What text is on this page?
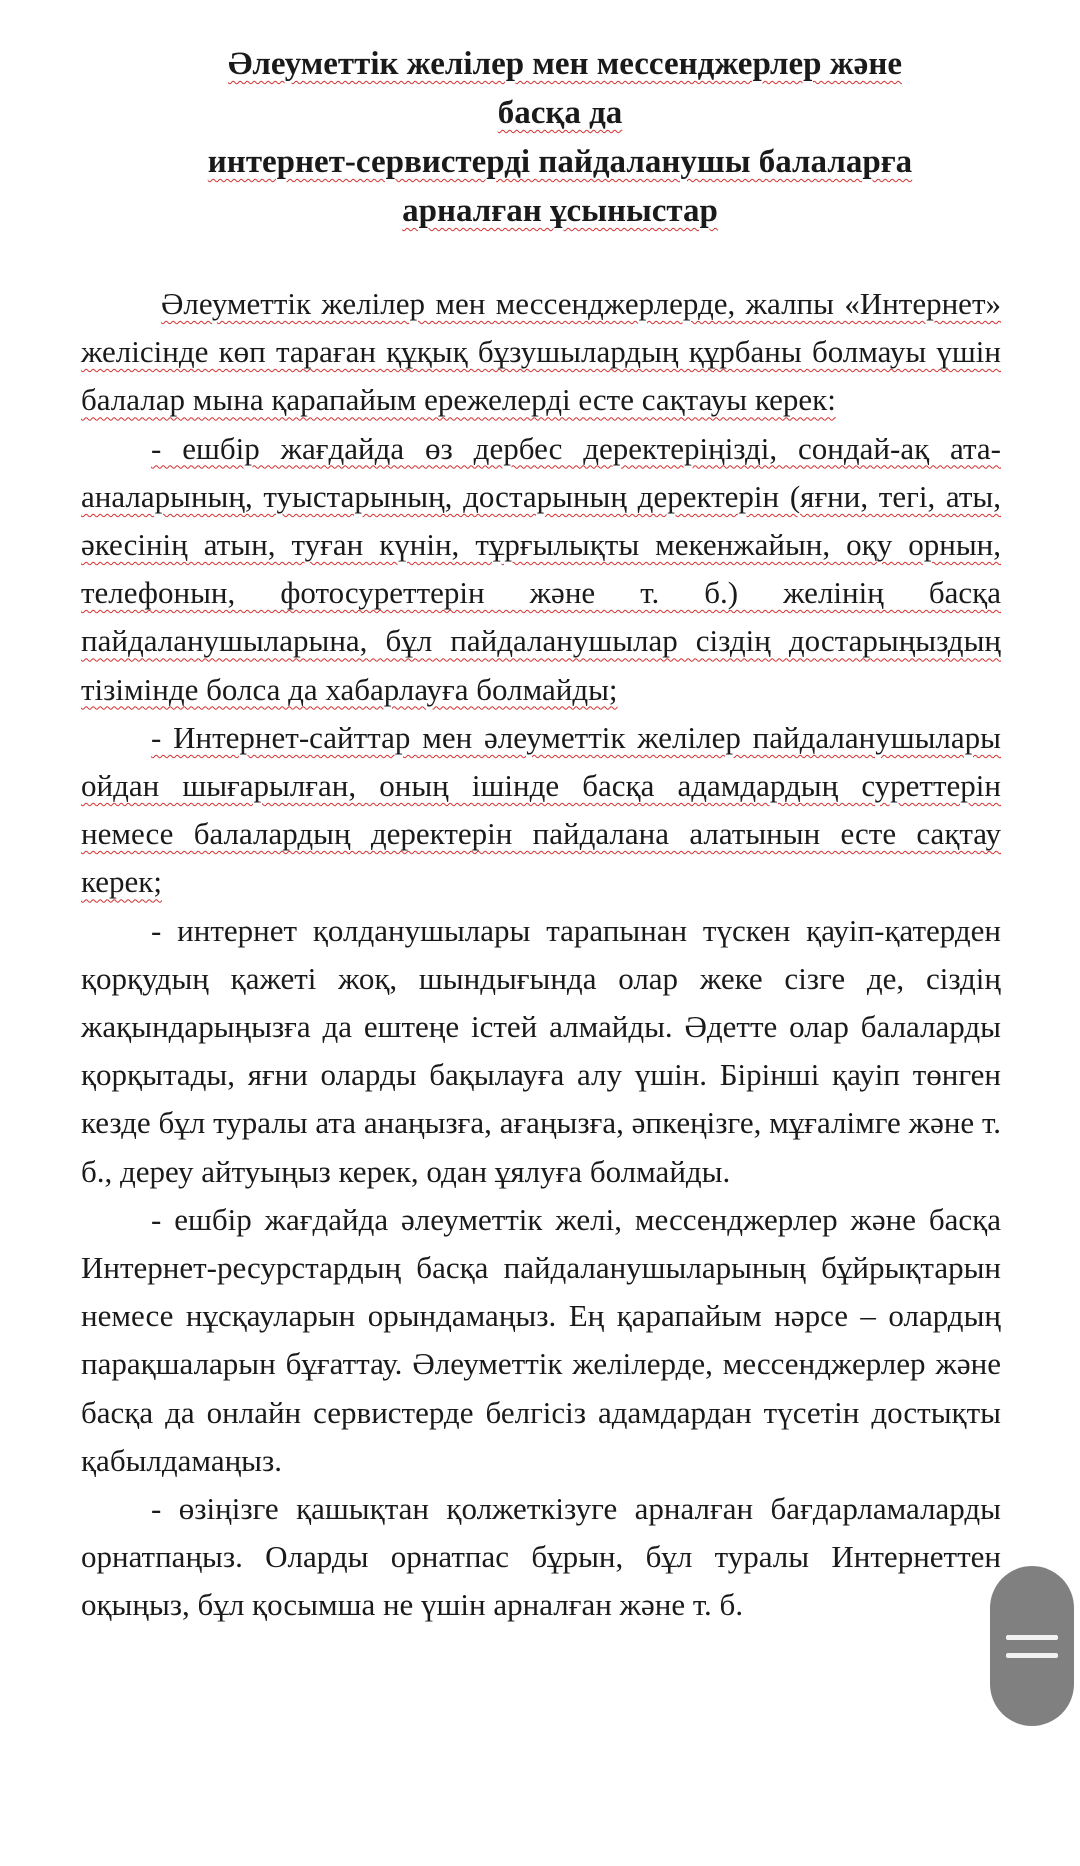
Әлеуметтік желілер мен мессенджерлер және
басқа да
интернет-сервистерді пайдаланушы балаларға
арналған ұсыныстар

Әлеуметтік желілер мен мессенджерлерде, жалпы «Интернет» желісінде көп тараған құқық бұзушылардың құрбаны болмауы үшін балалар мына қарапайым ережелерді есте сақтауы керек:

- ешбір жағдайда өз дербес деректеріңізді, сондай-ақ ата- аналарының, туыстарының, достарының деректерін (яғни, тегі, аты, әкесінің атын, туған күнін, тұрғылықты мекенжайын, оқу орнын, телефонын, фотосуреттерін және т. б.) желінің басқа пайдаланушыларына, бұл пайдаланушылар сіздің достарыңыздың тізімінде болса да хабарлауға болмайды;

- Интернет-сайттар мен әлеуметтік желілер пайдаланушылары ойдан шығарылған, оның ішінде басқа адамдардың суреттерін немесе балалардың деректерін пайдалана алатынын есте сақтау керек;

- интернет қолданушылары тарапынан түскен қауіп-қатерден қорқудың қажеті жоқ, шындығында олар жеке сізге де, сіздің жақындарыңызға да ештеңе істей алмайды. Әдетте олар балаларды қорқытады, яғни оларды бақылауға алу үшін. Бірінші қауіп төнген кезде бұл туралы ата анаңызға, ағаңызға, әпкеңізге, мұғалімге және т. б., дереу айтуыңыз керек, одан ұялуға болмайды.

- ешбір жағдайда әлеуметтік желі, мессенджерлер және басқа Интернет-ресурстардың басқа пайдаланушыларының бұйрықтарын немесе нұсқауларын орындамаңыз. Ең қарапайым нәрсе – олардың парақшаларын бұғаттау. Әлеуметтік желілерде, мессенджерлер және басқа да онлайн сервистерде белгісіз адамдардан түсетін достықты қабылдамаңыз.

- өзіңізге қашықтан қолжеткізуге арналған бағдарламаларды орнатпаңыз. Оларды орнатпас бұрын, бұл туралы Интернеттен оқыңыз, бұл қосымша не үшін арналған және т. б.
